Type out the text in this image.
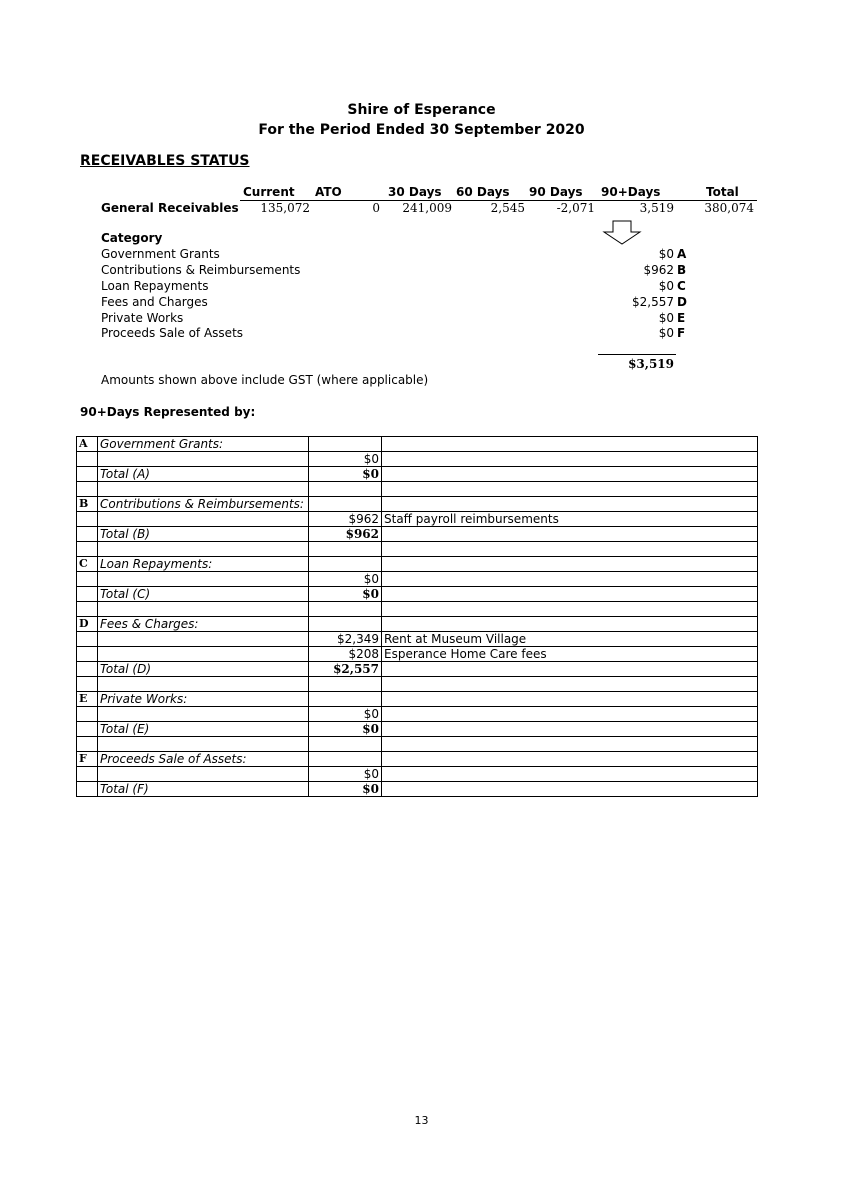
Shire of Esperance
For the Period Ended 30 September 2020
RECEIVABLES STATUS
Current ATO	30 Days 60 Days 90 Days 90+Days	Total
General Receivables	135,072	0	241,009	2,545	-2,071	3,519	380,074
Category
Government Grants	$0 A
Contributions & Reimbursements	$962 B
Loan Repayments	$0 C
Fees and Charges	$2,557 D
Private Works	$0 E
Proceeds Sale of Assets	$0 F
$3,519
Amounts shown above include GST (where applicable)
90+Days Represented by:
A	Government Grants:		
		$0	
	Total (A)	$0	

B	Contributions & Reimbursements:		
		$962	Staff payroll reimbursements
	Total (B)	$962	

C	Loan Repayments:		
		$0	
	Total (C)	$0	

D	Fees & Charges:		
		$2,349	Rent at Museum Village
		$208	Esperance Home Care fees
	Total (D)	$2,557	

E	Private Works:		
		$0	
	Total (E)	$0	

F	Proceeds Sale of Assets:		
		$0	
	Total (F)	$0	
13
